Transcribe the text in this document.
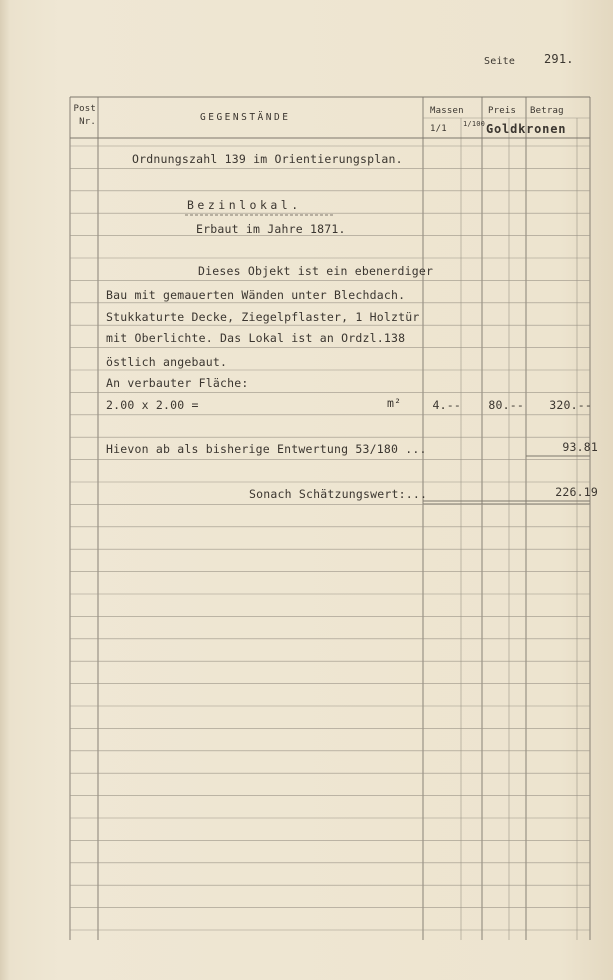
Seite 291.
Post Nr.	GEGENSTÄNDE
Massen	Preis Betrag
1/1 1/100 Goldkronen
Ordnungszahl 139 im Orientierungsplan.
Bezinlokal.
Erbaut im Jahre 1871.
Dieses Objekt ist ein ebenerdiger
Bau mit gemauerten Wänden unter Blechdach.
Stukkaturte Decke, Ziegelpflaster, 1 Holztür
mit Oberlichte. Das Lokal ist an Ordzl.138
östlich angebaut.
An verbauter Fläche:
2.00 x 2.00 =	m²	4.--	80.--	320.--
Hievon ab als bisherige Entwertung 53/180 ...	93.81
Sonach Schätzungswert:...	226.19
